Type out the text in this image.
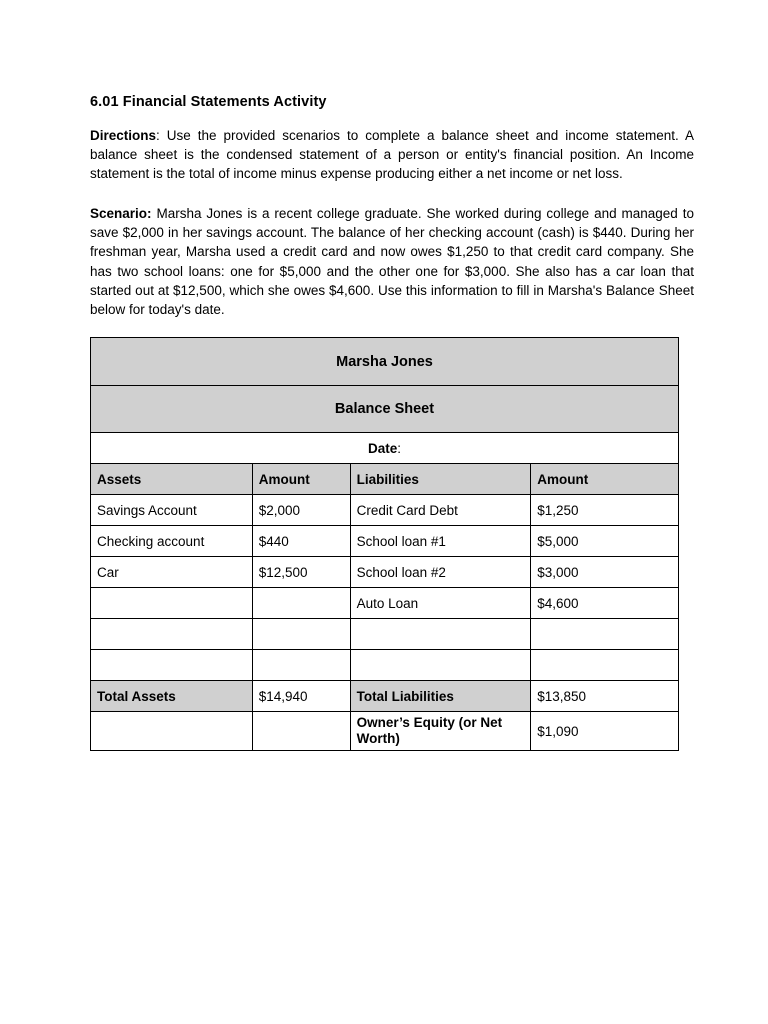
6.01 Financial Statements Activity
Directions: Use the provided scenarios to complete a balance sheet and income statement. A balance sheet is the condensed statement of a person or entity's financial position. An Income statement is the total of income minus expense producing either a net income or net loss.
Scenario: Marsha Jones is a recent college graduate. She worked during college and managed to save $2,000 in her savings account. The balance of her checking account (cash) is $440. During her freshman year, Marsha used a credit card and now owes $1,250 to that credit card company. She has two school loans: one for $5,000 and the other one for $3,000. She also has a car loan that started out at $12,500, which she owes $4,600. Use this information to fill in Marsha's Balance Sheet below for today's date.
Marsha Jones			
Balance Sheet			
Date:			
Assets	Amount	Liabilities	Amount
Savings Account	$2,000	Credit Card Debt	$1,250
Checking account	$440	School loan #1	$5,000
Car	$12,500	School loan #2	$3,000
		Auto Loan	$4,600

Total Assets	$14,940	Total Liabilities	$13,850
		Owner’s Equity (or Net Worth)	$1,090
